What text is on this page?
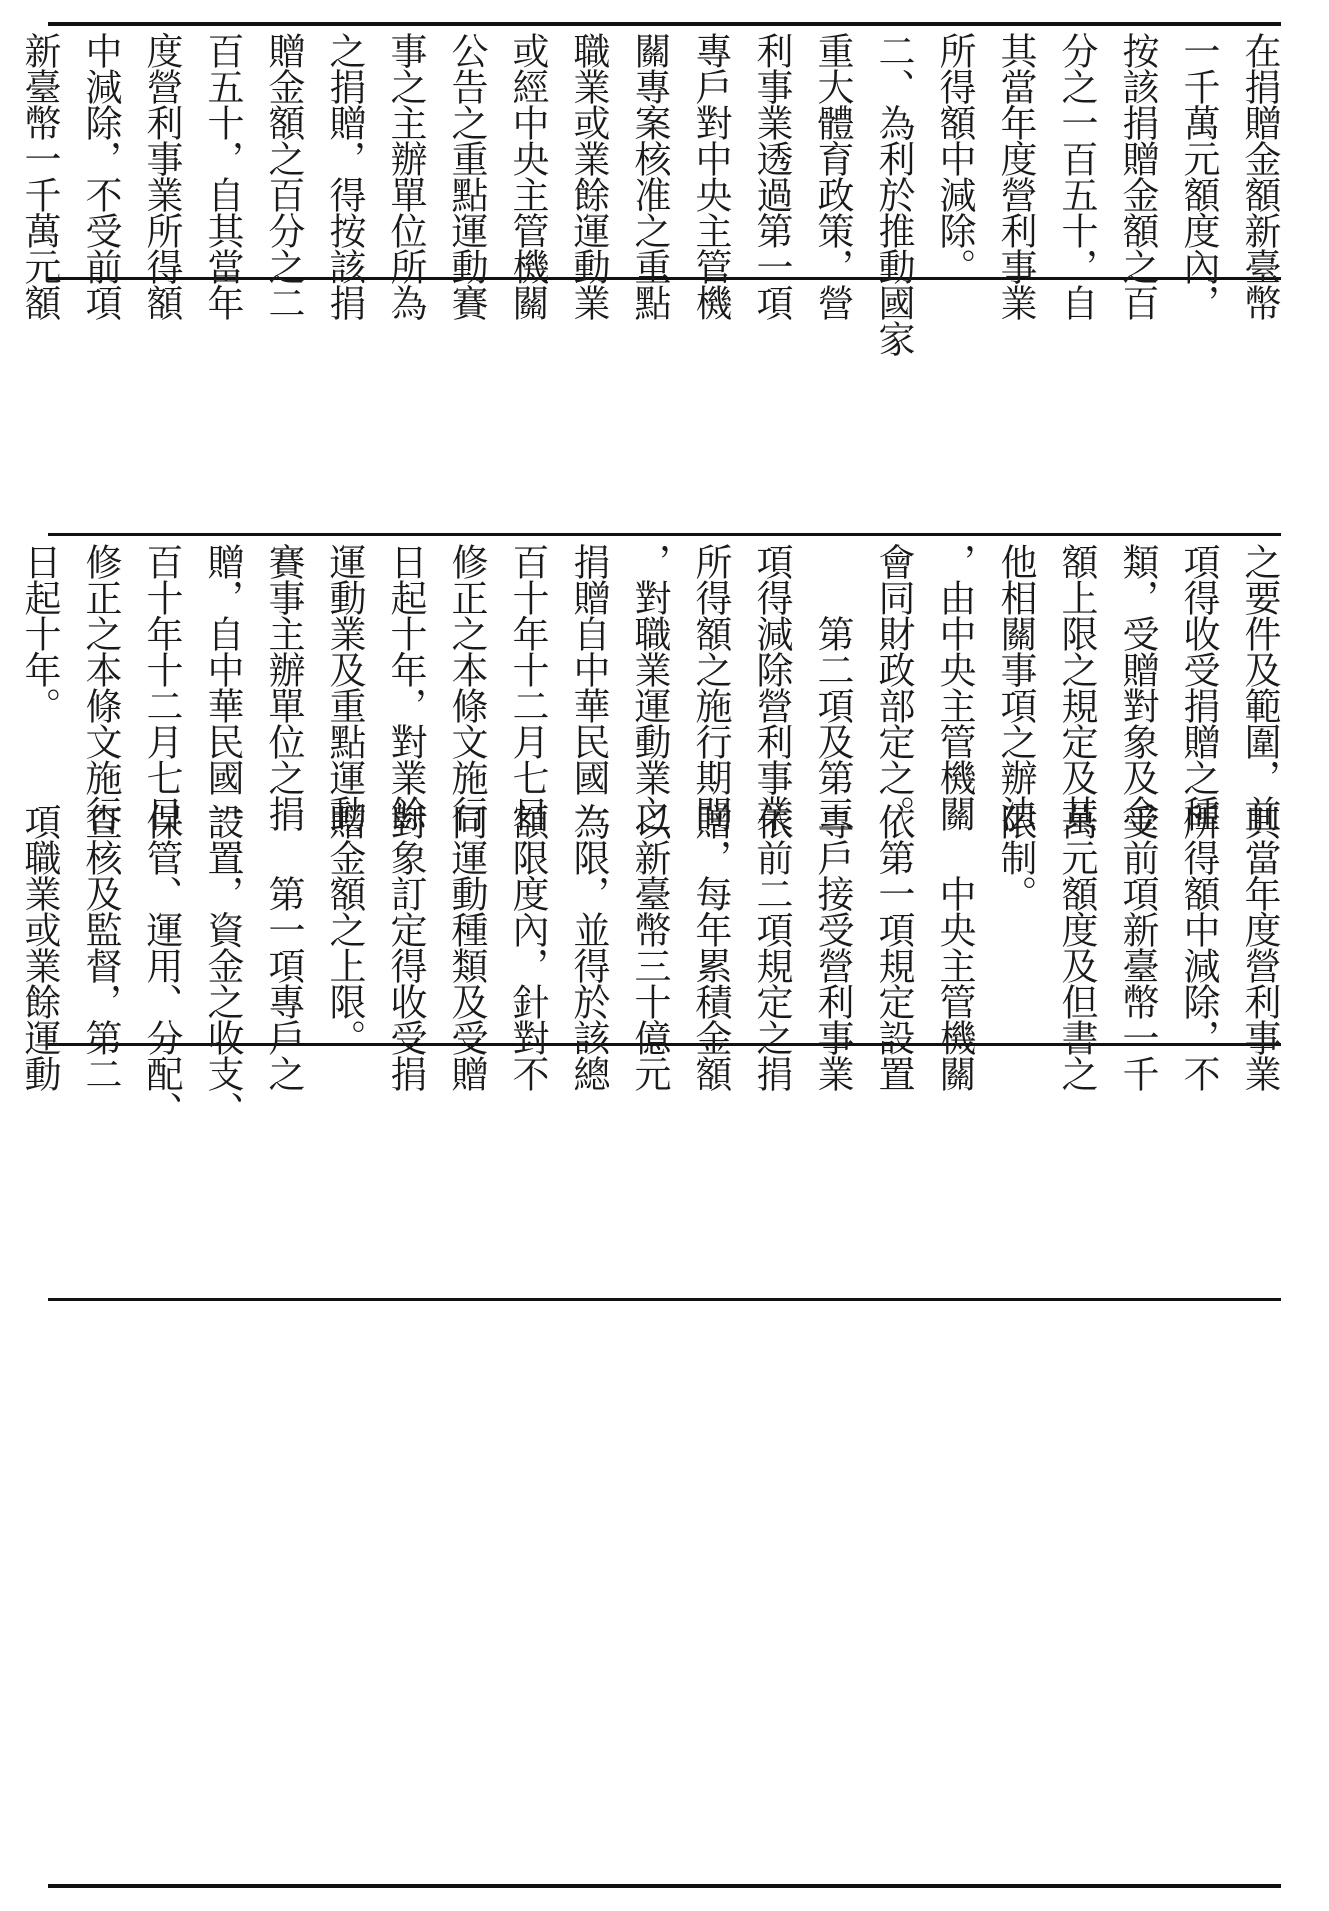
在捐贈金額新臺幣
一千萬元額度內，
按該捐贈金額之百
分之一百五十，自
其當年度營利事業
所得額中減除。
二、為利於推動國家
重大體育政策，營
利事業透過第一項
專戶對中央主管機
關專案核准之重點
職業或業餘運動業
或經中央主管機關
公告之重點運動賽
事之主辦單位所為
之捐贈，得按該捐
贈金額之百分之二
百五十，自其當年
度營利事業所得額
中減除，不受前項
新臺幣一千萬元額
之要件及範圍，前
項得收受捐贈之種
類，受贈對象及金
額上限之規定及其
他相關事項之辦法
，由中央主管機關
會同財政部定之。
　　第二項及第三
項得減除營利事業
所得額之施行期間
，對職業運動業之
捐贈自中華民國一
百十年十二月七日
修正之本條文施行
日起十年，對業餘
運動業及重點運動
賽事主辦單位之捐
贈，自中華民國一
百十年十二月七日
修正之本條文施行
日起十年。
其當年度營利事業
所得額中減除，不
受前項新臺幣一千
萬元額度及但書之
限制。
　　中央主管機關
依第一項規定設置
專戶接受營利事業
依前二項規定之捐
贈，每年累積金額
以新臺幣三十億元
為限，並得於該總
額限度內，針對不
同運動種類及受贈
對象訂定得收受捐
贈金額之上限。
　　第一項專戶之
設置，資金之收支、
保管、運用、分配、
查核及監督，第二
項職業或業餘運動
